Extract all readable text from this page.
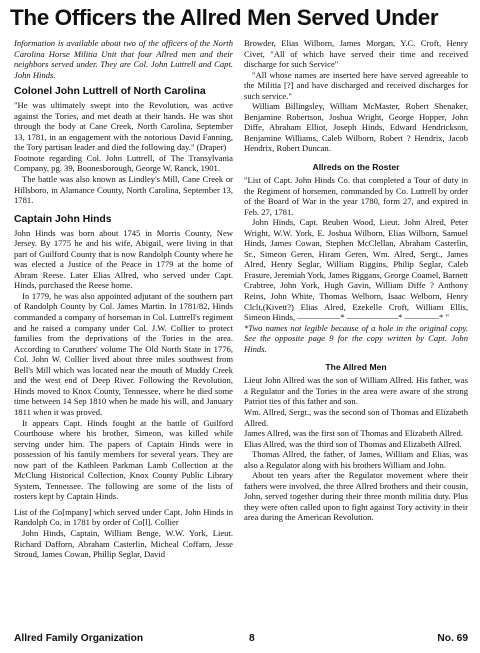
The Officers the Allred Men Served Under

Information is available about two of the officers of the North Carolina Horse Militia Unit that four Allred men and their neighbors served under. They are Col. John Luttrell and Capt. John Hinds.

Colonel John Luttrell of North Carolina

"He was ultimately swept into the Revolution, was active against the Tories, and met death at their hands. He was shot through the body at Cane Creek, North Carolina, September 13, 1781, in an engagement with the notorious David Fanning, the Tory partisan leader and died the following day." (Draper)

Footnote regarding Col. John Luttrell, of The Transylvania Company, pg. 39, Boonesborough, George W. Ranck, 1901.

The battle was also known as Lindley's Mill, Cane Creek or Hillsboro, in Alamance County, North Carolina, September 13, 1781.

Captain John Hinds

John Hinds was born about 1745 in Morris County, New Jersey. By 1775 he and his wife, Abigail, were living in that part of Guilford County that is now Randolph County where he was elected a Justice of the Peace in 1779 at the home of Abram Reese. Later Elias Allred, who served under Capt. Hinds, purchased the Reese home.

In 1779, he was also appointed adjutant of the southern part of Randolph County by Col. James Martin. In 1781/82, Hinds commanded a company of horseman in Col. Luttrell's regiment and he raised a company under Col. J.W. Collier to protect families from the deprivations of the Tories in the area. According to Caruthers' volume The Old North State in 1776, Col. John W. Collier lived about three miles southwest from Bell's Mill which was located near the mouth of Muddy Creek and the west end of Deep River. Following the Revolution, Hinds moved to Knox County, Tennessee, where he died some time between 14 Sep 1810 when he made his will, and January 1811 when it was proved.

It appears Capt. Hinds fought at the battle of Guilford Courthouse where his brother, Simeon, was killed while serving under him. The papers of Captain Hinds were in possession of his family members for several years. They are now part of the Kathleen Parkman Lamb Collection at the McClung Historical Collection, Knox County Public Library System, Tennessee. The following are some of the lists of rosters kept by Captain Hinds.

List of the Co[mpany] which served under Capt. John Hinds in Randolph Co. in 1781 by order of Co[l]. Collier

John Hinds, Captain, William Benge, W.W. York, Lieut. Richard Dafforn, Abraham Casterlin, Micheal Coffarn, Jesse Stroud, James Cowan, Phillip Seglar, David

Browder, Elias Wilborn, James Morgan, Y.C. Croft, Henry Civet, "All of which have served their time and received discharge for such Service"

"All whose names are inserted here have served agreeable to the Militia [?] and have discharged and received discharges for such service."

William Billingsley, William McMaster, Robert Shenaker, Benjamine Robertson, Joshua Wright, George Hopper, John Diffe, Abraham Elliot, Joseph Hinds, Edward Hendrickson, Benjamine Williams, Caleb Wilborn, Robert ? Hendrix, Jacob Hendrix, Robert Duncan.

Allreds on the Roster

"List of Capt. John Hinds Co. that completed a Tour of duty in the Regiment of horsemen, commanded by Co. Luttrell by order of the Board of War in the year 1780, form 27, and expired in Feb. 27, 1781.

John Hinds, Capt. Reuben Wood, Lieut. John Alred, Peter Wright, W.W. York, E. Joshua Wilborn, Elias Wilborn, Samuel Hinds, James Cowan, Stephen McClellan, Abraham Casterlin, Sr., Simeon Geren, Hiram Geren, Wm. Alred, Sergt., James Alred, Henry Seglar, William Riggins, Philip Seglar, Caleb Frasure, Jeremiah York, James Riggans, George Coamel, Barnett Crabtree, John York, Hugh Gavin, William Diffe ? Anthony Reins, John White, Thomas Welborn, Isaac Welborn, Henry Clclt,(Kivett?) Elias Alred, Ezekelle Croft, William Ellis, Simeon Hinds, —————* ——————* ————* "

*Two names not legible because of a hole in the original copy. See the opposite page 9 for the copy written by Capt. John Hinds.

The Allred Men

Lieut John Allred was the son of William Allred. His father, was a Regulator and the Tories in the area were aware of the strong Patriot ties of this father and son.

Wm. Allred, Sergt., was the second son of Thomas and Elizabeth Allred.

James Allred, was the first son of Thomas and Elizabeth Allred.

Elias Allred, was the third son of Thomas and Elizabeth Allred.

Thomas Allred, the father, of James, William and Elias, was also a Regulator along with his brothers William and John.

About ten years after the Regulator movement where their fathers were involved, the three Allred brothers and their cousin, John, served together during their three month militia duty. Plus they were often called upon to fight against Tory activity in their area during the American Revolution.

Allred Family Organization	8	No. 69
